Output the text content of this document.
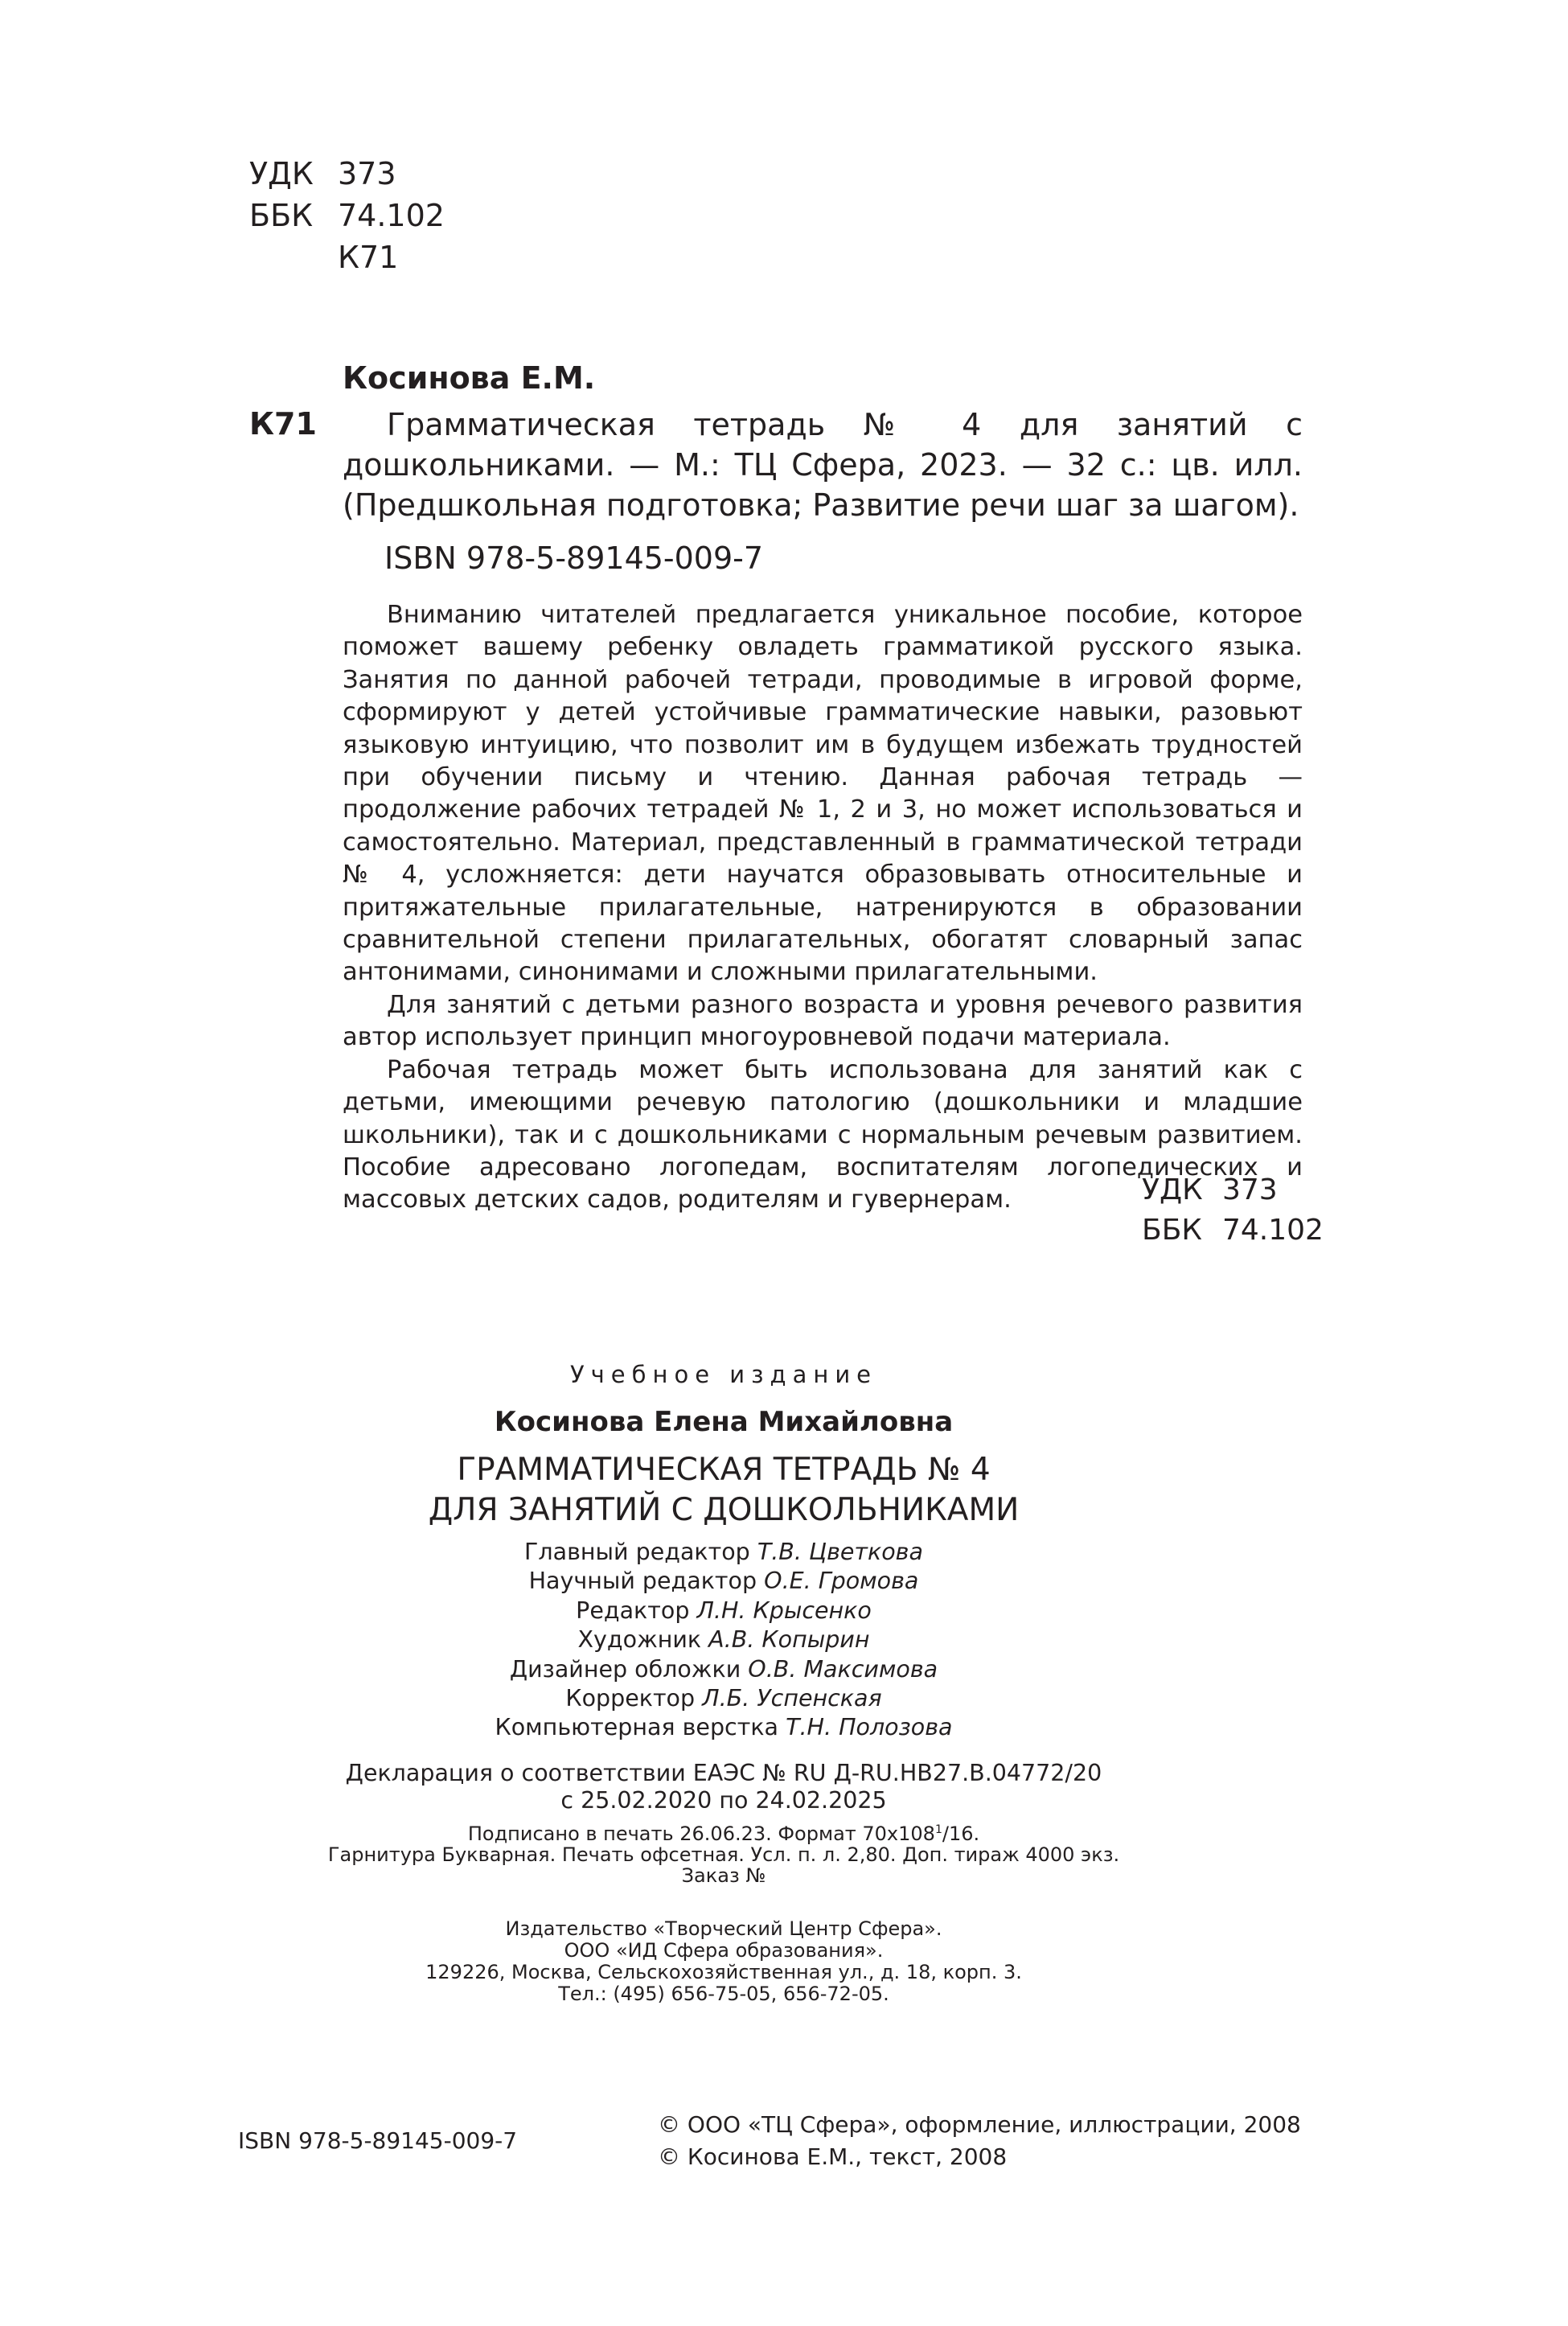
УДК 373
ББК 74.102
К71
Косинова Е.М.
К71	Грамматическая тетрадь № 4 для занятий с дошкольниками. — М.: ТЦ Сфера, 2023. — 32 с.: цв. илл. (Предшкольная подготовка; Развитие речи шаг за шагом).
ISBN 978-5-89145-009-7

Вниманию читателей предлагается уникальное пособие, которое поможет вашему ребенку овладеть грамматикой русского языка. Занятия по данной рабочей тетради, проводимые в игровой форме, сформируют у детей устойчивые грамматические навыки, разовьют языковую интуицию, что позволит им в будущем избежать трудностей при обучении письму и чтению. Данная рабочая тетрадь — продолжение рабочих тетрадей № 1, 2 и 3, но может использоваться и самостоятельно. Материал, представленный в грамматической тетради № 4, усложняется: дети научатся образовывать относительные и притяжательные прилагательные, натренируются в образовании сравнительной степени прилагательных, обогатят словарный запас антонимами, синонимами и сложными прилагательными.

Для занятий с детьми разного возраста и уровня речевого развития автор использует принцип многоуровневой подачи материала.

Рабочая тетрадь может быть использована для занятий как с детьми, имеющими речевую патологию (дошкольники и младшие школьники), так и с дошкольниками с нормальным речевым развитием. Пособие адресовано логопедам, воспитателям логопедических и массовых детских садов, родителям и гувернерам.	УДК 373
ББК 74.102
Учебное издание
Косинова Елена Михайловна
ГРАММАТИЧЕСКАЯ ТЕТРАДЬ № 4
ДЛЯ ЗАНЯТИЙ С ДОШКОЛЬНИКАМИ
Главный редактор Т.В. Цветкова
Научный редактор О.Е. Громова
Редактор Л.Н. Крысенко
Художник А.В. Копырин
Дизайнер обложки О.В. Максимова
Корректор Л.Б. Успенская
Компьютерная верстка Т.Н. Полозова
Декларация о соответствии ЕАЭС № RU Д-RU.НВ27.В.04772/20
с 25.02.2020 по 24.02.2025
Подписано в печать 26.06.23. Формат $70х108^1/16$.
Гарнитура Букварная. Печать офсетная. Усл. п. л. 2,80. Доп. тираж 4000 экз.
Заказ №
Издательство «Творческий Центр Сфера».
ООО «ИД Сфера образования».
129226, Москва, Сельскохозяйственная ул., д. 18, корп. 3.
Тел.: (495) 656-75-05, 656-72-05.
ISBN 978-5-89145-009-7
© ООО «ТЦ Сфера», оформление, иллюстрации, 2008
© Косинова Е.М., текст, 2008
